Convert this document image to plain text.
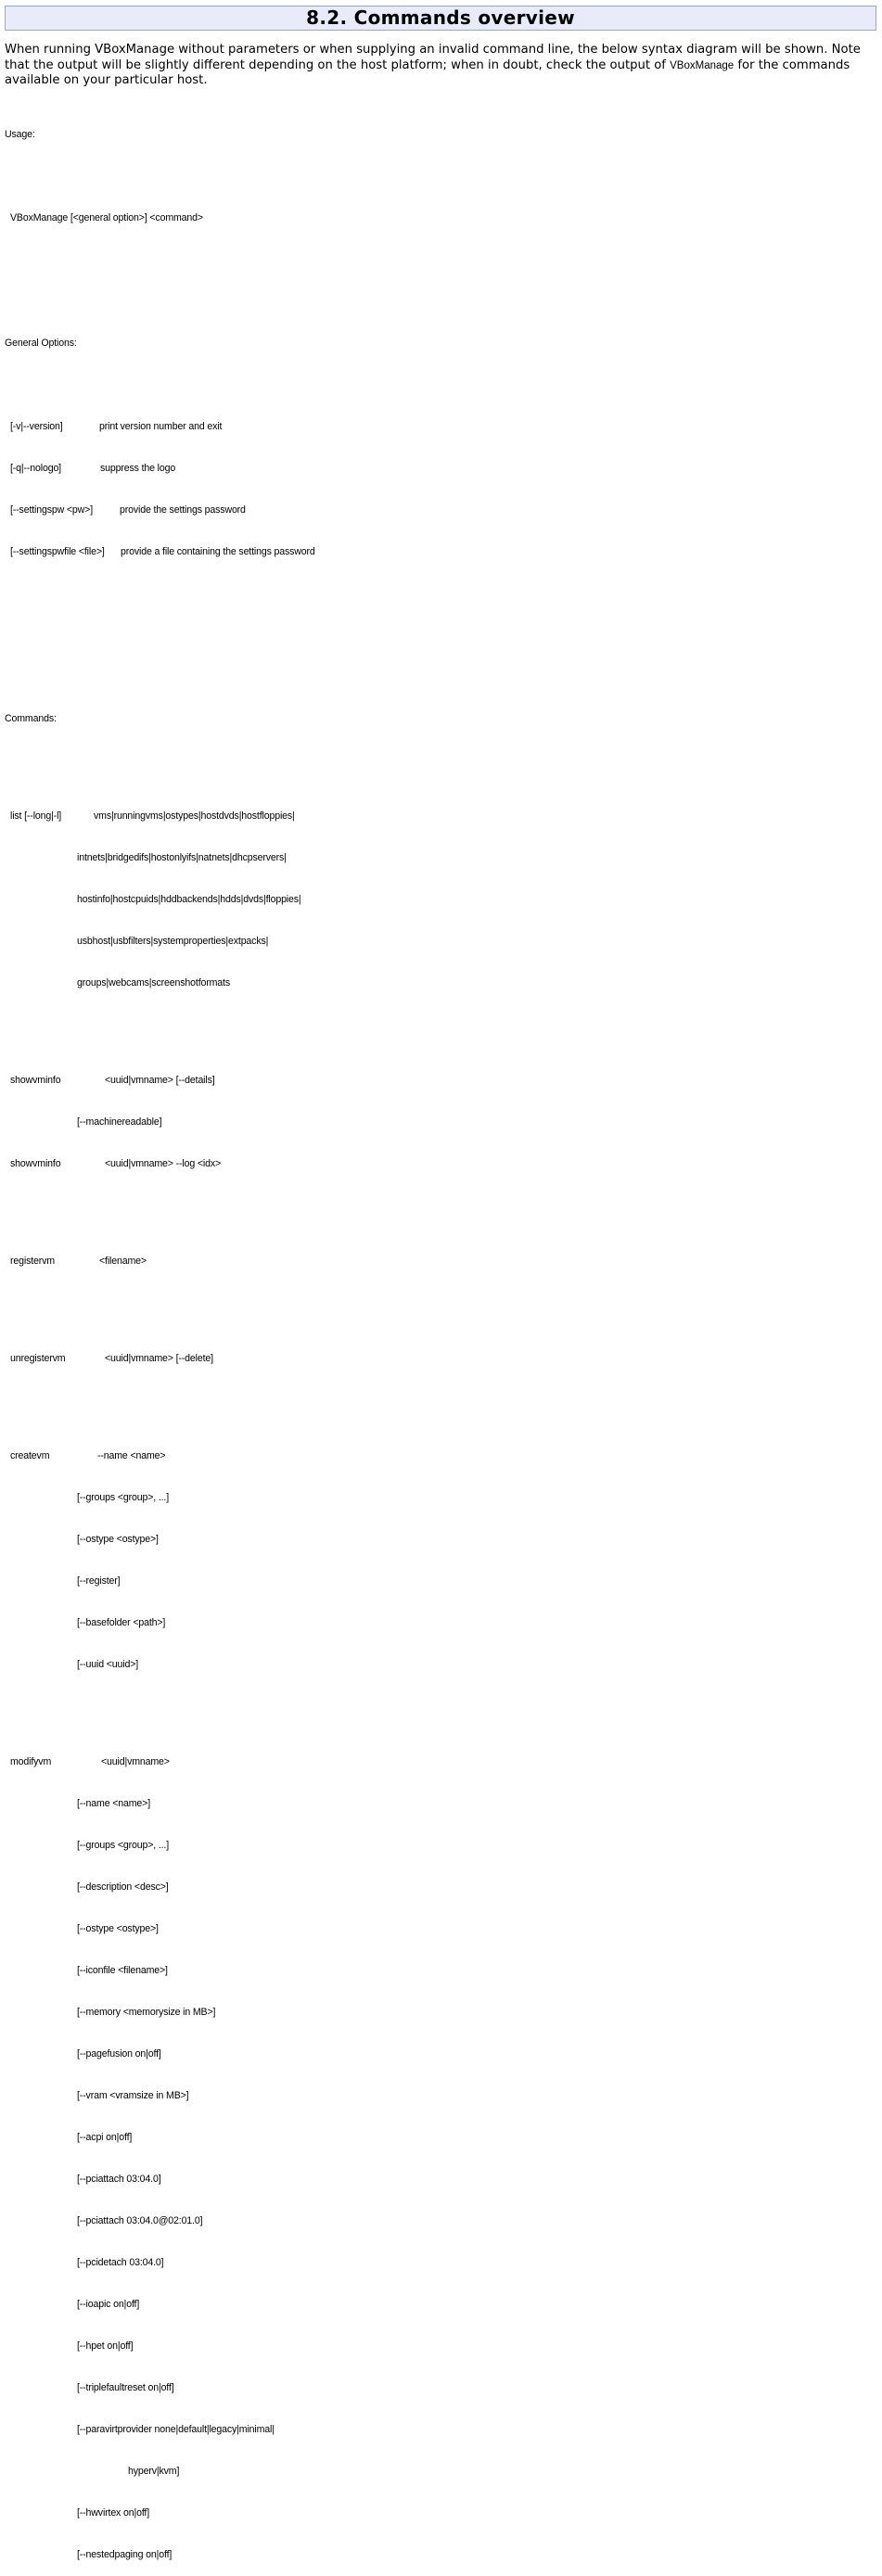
8.2. Commands overview

When running VBoxManage without parameters or when supplying an invalid command line, the below syntax diagram will be shown. Note that the output will be slightly different depending on the host platform; when in doubt, check the output of VBoxManage for the commands available on your particular host.

Usage:

VBoxManage [<general option>] <command>

General Options:

[-v|--version]	print version number and exit

[-q|--nologo]	suppress the logo

[--settingspw <pw>]	provide the settings password

[--settingspwfile <file>] provide a file containing the settings password

Commands:

list [--long|-l]	vms|runningvms|ostypes|hostdvds|hostfloppies|

intnets|bridgedifs|hostonlyifs|natnets|dhcpservers|

hostinfo|hostcpuids|hddbackends|hdds|dvds|floppies|

usbhost|usbfilters|systemproperties|extpacks|

groups|webcams|screenshotformats

showvminfo	<uuid|vmname> [--details]

[--machinereadable]

showvminfo	<uuid|vmname> --log <idx>

registervm	<filename>

unregistervm	<uuid|vmname> [--delete]

createvm	--name <name>

[--groups <group>, ...]

[--ostype <ostype>]

[--register]

[--basefolder <path>]

[--uuid <uuid>]

modifyvm	<uuid|vmname>

[--name <name>]

[--groups <group>, ...]

[--description <desc>]

[--ostype <ostype>]

[--iconfile <filename>]

[--memory <memorysize in MB>]

[--pagefusion on|off]

[--vram <vramsize in MB>]

[--acpi on|off]

[--pciattach 03:04.0]

[--pciattach 03:04.0@02:01.0]

[--pcidetach 03:04.0]

[--ioapic on|off]

[--hpet on|off]

[--triplefaultreset on|off]

[--paravirtprovider none|default|legacy|minimal|

hyperv|kvm]

[--hwvirtex on|off]

[--nestedpaging on|off]
